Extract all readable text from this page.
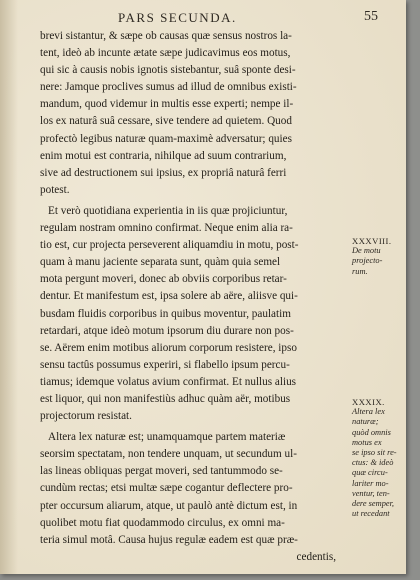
PARS SECUNDA.	55
brevi sistantur, & sæpe ob causas quæ sensus nostros la-
tent, ideò ab incunte ætate sæpe judicavimus eos motus,
qui sic à causis nobis ignotis sistebantur, suâ sponte desi-
nere: Jamque proclives sumus ad illud de omnibus existi-
mandum, quod videmur in multis esse experti; nempe il-
los ex naturâ suâ cessare, sive tendere ad quietem. Quod
profectò legibus naturæ quam-maximè adversatur; quies
enim motui est contraria, nihilque ad suum contrarium,
sive ad destructionem sui ipsius, ex propriâ naturâ ferri
potest.
Et verò quotidiana experientia in iis quæ projiciuntur,
regulam nostram omnino confirmat. Neque enim alia ra-
tio est, cur projecta perseverent aliquamdiu in motu, post-
quam à manu jaciente separata sunt, quàm quia semel
mota pergunt moveri, donec ab obviis corporibus retar-
dentur. Et manifestum est, ipsa solere ab aëre, aliisve qui-
busdam fluidis corporibus in quibus moventur, paulatim
retardari, atque ideò motum ipsorum diu durare non pos-
se. Aërem enim motibus aliorum corporum resistere, ipso
sensu tactûs possumus experiri, si flabello ipsum percu-
tiamus; idemque volatus avium confirmat. Et nullus alius
est liquor, qui non manifestiùs adhuc quàm aër, motibus
projectorum resistat.
Altera lex naturæ est; unamquamque partem materiæ
seorsim spectatam, non tendere unquam, ut secundum ul-
las lineas obliquas pergat moveri, sed tantummodo se-
cundùm rectas; etsi multæ sæpe cogantur deflectere pro-
pter occursum aliarum, atque, ut paulò antè dictum est, in
quolibet motu fiat quodammodo circulus, ex omni ma-
teria simul motâ. Causa hujus regulæ eadem est quæ præ-
cedentis,
XXXVIII.
De motu
projecto-
rum.
XXXIX.
Altera lex
naturæ;
quòd omnis
motus ex
se ipso sit re-
ctus: & ideò
quæ circu-
lariter mo-
ventur, ten-
dere semper,
ut recedant
